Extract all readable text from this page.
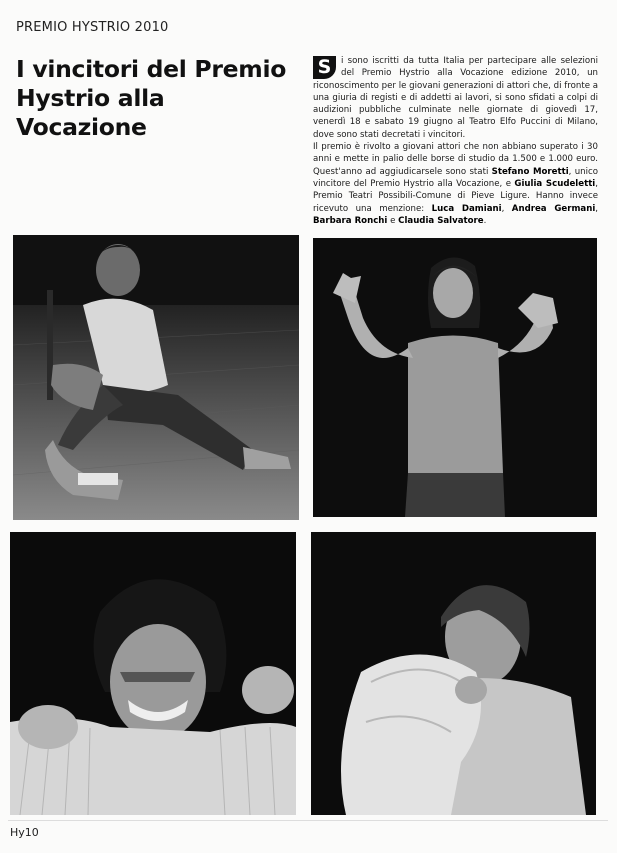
PREMIO HYSTRIO 2010
I vincitori del Premio Hystrio alla Vocazione

S	i sono iscritti da tutta Italia per partecipare alle selezioni del Premio Hystrio alla Vocazione edizione 2010, un riconoscimento per le giovani generazioni di attori che, di fronte a una giuria di registi e di addetti ai lavori, si sono sfidati a colpi di audizioni pubbliche culminate nelle giornate di giovedì 17, venerdì 18 e sabato 19 giugno al Teatro Elfo Puccini di Milano, dove sono stati decretati i vincitori.

Il premio è rivolto a giovani attori che non abbiano superato i 30 anni e mette in palio delle borse di studio da 1.500 e 1.000 euro. Quest'anno ad aggiudicarsele sono stati Stefano Moretti, unico vincitore del Premio Hystrio alla Vocazione, e Giulia Scudeletti, Premio Teatri Possibili-Comune di Pieve Ligure. Hanno invece ricevuto una menzione: Luca Damiani, Andrea Germani, Barbara Ronchi e Claudia Salvatore.

Hy10
